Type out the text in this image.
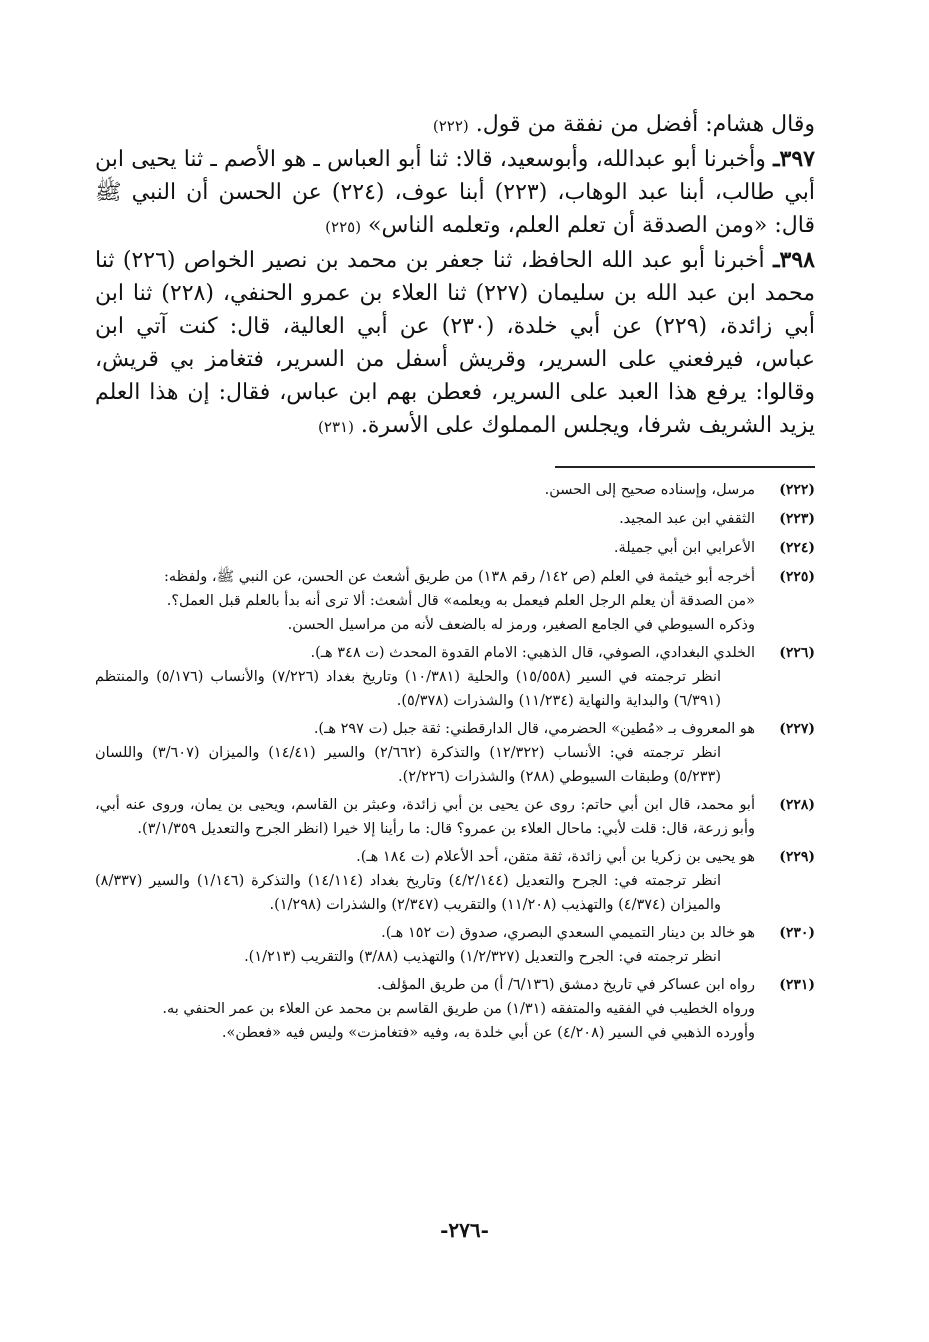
وقال هشام: أفضل من نفقة من قول. (٢٢٢)

٣٩٧ـ وأخبرنا أبو عبدالله، وأبوسعيد، قالا: ثنا أبو العباس ـ هو الأصم ـ ثنا يحيى ابن أبي طالب، أبنا عبد الوهاب، (٢٢٣) أبنا عوف، (٢٢٤) عن الحسن أن النبي ﷺ قال: «ومن الصدقة أن تعلم العلم، وتعلمه الناس» (٢٢٥)

٣٩٨ـ أخبرنا أبو عبد الله الحافظ، ثنا جعفر بن محمد بن نصير الخواص (٢٢٦) ثنا محمد ابن عبد الله بن سليمان (٢٢٧) ثنا العلاء بن عمرو الحنفي، (٢٢٨) ثنا ابن أبي زائدة، (٢٢٩) عن أبي خلدة، (٢٣٠) عن أبي العالية، قال: كنت آتي ابن عباس، فيرفعني على السرير، وقريش أسفل من السرير، فتغامز بي قريش، وقالوا: يرفع هذا العبد على السرير، فعطن بهم ابن عباس، فقال: إن هذا العلم يزيد الشريف شرفا، ويجلس المملوك على الأسرة. (٢٣١)

(٢٢٢)

مرسل، وإسناده صحيح إلى الحسن.

(٢٢٣)

الثقفي ابن عبد المجيد.

(٢٢٤)

الأعرابي ابن أبي جميلة.

(٢٢٥)

أخرجه أبو خيثمة في العلم (ص ١٤٢/ رقم ١٣٨) من طريق أشعث عن الحسن، عن النبي ﷺ، ولفظه:

«من الصدقة أن يعلم الرجل العلم فيعمل به ويعلمه» قال أشعث: ألا ترى أنه بدأ بالعلم قبل العمل؟.

وذكره السيوطي في الجامع الصغير، ورمز له بالضعف لأنه من مراسيل الحسن.

(٢٢٦)

الخلدي البغدادي، الصوفي، قال الذهبي: الامام القدوة المحدث (ت ٣٤٨ هـ).

انظر ترجمته في السير (١٥/٥٥٨) والحلية (١٠/٣٨١) وتاريخ بغداد (٧/٢٢٦) والأنساب (٥/١٧٦) والمنتظم (٦/٣٩١) والبداية والنهاية (١١/٢٣٤) والشذرات (٥/٣٧٨).

(٢٢٧)

هو المعروف بـ «مُطين» الحضرمي، قال الدارقطني: ثقة جبل (ت ٢٩٧ هـ).

انظر ترجمته في: الأنساب (١٢/٣٢٢) والتذكرة (٢/٦٦٢) والسير (١٤/٤١) والميزان (٣/٦٠٧) واللسان (٥/٢٣٣) وطبقات السيوطي (٢٨٨) والشذرات (٢/٢٢٦).

(٢٢٨)

أبو محمد، قال ابن أبي حاتم: روى عن يحيى بن أبي زائدة، وعبثر بن القاسم، ويحيى بن يمان، وروى عنه أبي، وأبو زرعة، قال: قلت لأبي: ماحال العلاء بن عمرو؟ قال: ما رأينا إلا خيرا (انظر الجرح والتعديل ٣/١/٣٥٩).

(٢٢٩)

هو يحيى بن زكريا بن أبي زائدة، ثقة متقن، أحد الأعلام (ت ١٨٤ هـ).

انظر ترجمته في: الجرح والتعديل (٤/٢/١٤٤) وتاريخ بغداد (١٤/١١٤) والتذكرة (١/١٤٦) والسير (٨/٣٣٧) والميزان (٤/٣٧٤) والتهذيب (١١/٢٠٨) والتقريب (٢/٣٤٧) والشذرات (١/٢٩٨).

(٢٣٠)

هو خالد بن دينار التميمي السعدي البصري، صدوق (ت ١٥٢ هـ).

انظر ترجمته في: الجرح والتعديل (١/٢/٣٢٧) والتهذيب (٣/٨٨) والتقريب (١/٢١٣).

(٢٣١)

رواه ابن عساكر في تاريخ دمشق (٦/١٣٦/ أ) من طريق المؤلف.

ورواه الخطيب في الفقيه والمتفقه (١/٣١) من طريق القاسم بن محمد عن العلاء بن عمر الحنفي به.

وأورده الذهبي في السير (٤/٢٠٨) عن أبي خلدة به، وفيه «فتغامزت» وليس فيه «فعطن».

-٢٧٦-
